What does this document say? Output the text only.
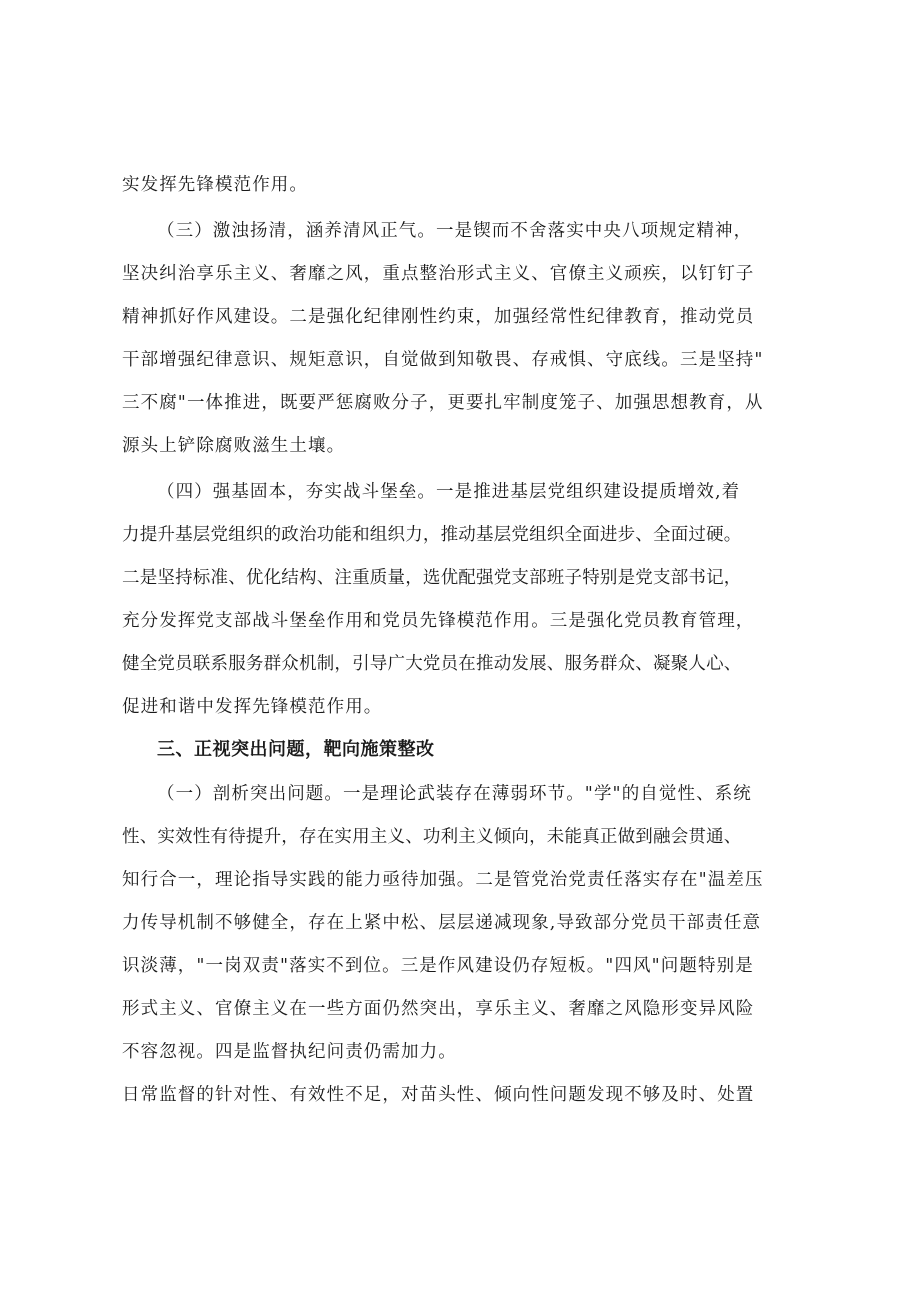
实发挥先锋模范作用。
（三）激浊扬清，涵养清风正气。一是锲而不舍落实中央八项规定精神，
坚决纠治享乐主义、奢靡之风，重点整治形式主义、官僚主义顽疾，以钉钉子
精神抓好作风建设。二是强化纪律刚性约束，加强经常性纪律教育，推动党员
干部增强纪律意识、规矩意识，自觉做到知敬畏、存戒惧、守底线。三是坚持"
三不腐"一体推进，既要严惩腐败分子，更要扎牢制度笼子、加强思想教育，从
源头上铲除腐败滋生土壤。
（四）强基固本，夯实战斗堡垒。一是推进基层党组织建设提质增效,着
力提升基层党组织的政治功能和组织力，推动基层党组织全面进步、全面过硬。
二是坚持标准、优化结构、注重质量，选优配强党支部班子特别是党支部书记，
充分发挥党支部战斗堡垒作用和党员先锋模范作用。三是强化党员教育管理，
健全党员联系服务群众机制，引导广大党员在推动发展、服务群众、凝聚人心、
促进和谐中发挥先锋模范作用。
三、正视突出问题，靶向施策整改
（一）剖析突出问题。一是理论武装存在薄弱环节。"学"的自觉性、系统
性、实效性有待提升，存在实用主义、功利主义倾向，未能真正做到融会贯通、
知行合一，理论指导实践的能力亟待加强。二是管党治党责任落实存在"温差压
力传导机制不够健全，存在上紧中松、层层递减现象,导致部分党员干部责任意
识淡薄，"一岗双责"落实不到位。三是作风建设仍存短板。"四风"问题特别是
形式主义、官僚主义在一些方面仍然突出，享乐主义、奢靡之风隐形变异风险
不容忽视。四是监督执纪问责仍需加力。
日常监督的针对性、有效性不足，对苗头性、倾向性问题发现不够及时、处置
